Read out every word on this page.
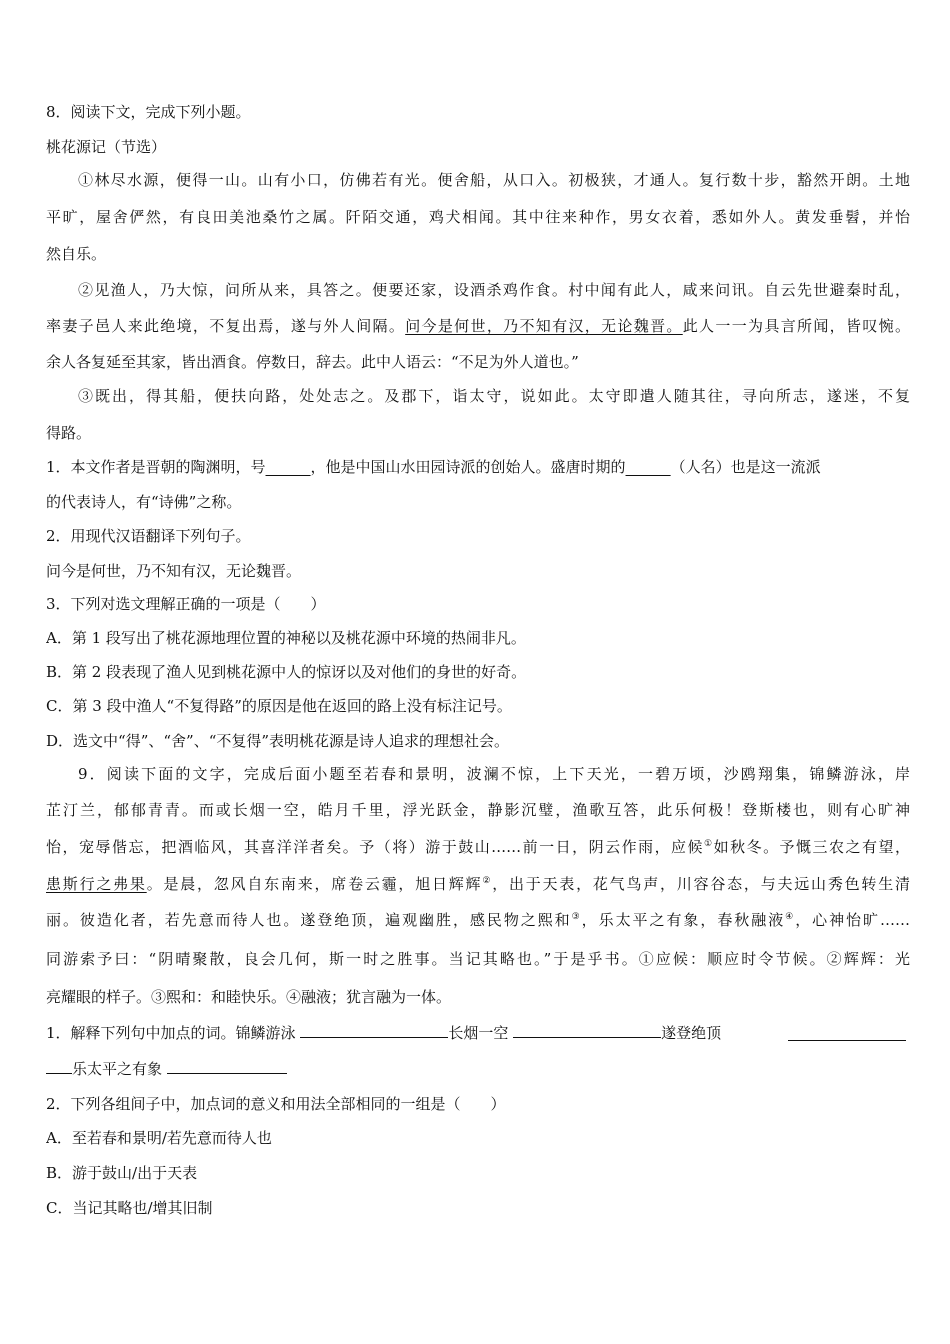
8．阅读下文，完成下列小题。
桃花源记（节选）
①林尽水源，便得一山。山有小口，仿佛若有光。便舍船，从口入。初极狭，才通人。复行数十步，豁然开朗。土地
平旷，屋舍俨然，有良田美池桑竹之属。阡陌交通，鸡犬相闻。其中往来种作，男女衣着，悉如外人。黄发垂髫，并怡
然自乐。
②见渔人，乃大惊，问所从来，具答之。便要还家，设酒杀鸡作食。村中闻有此人，咸来问讯。自云先世避秦时乱，
率妻子邑人来此绝境，不复出焉，遂与外人间隔。问今是何世，乃不知有汉，无论魏晋。此人一一为具言所闻，皆叹惋。
余人各复延至其家，皆出酒食。停数日，辞去。此中人语云：“不足为外人道也。”
③既出，得其船，便扶向路，处处志之。及郡下，诣太守，说如此。太守即遣人随其往，寻向所志，遂迷，不复
得路。
1．本文作者是晋朝的陶渊明，号______，他是中国山水田园诗派的创始人。盛唐时期的______（人名）也是这一流派
的代表诗人，有“诗佛”之称。
2．用现代汉语翻译下列句子。
问今是何世，乃不知有汉，无论魏晋。
3．下列对选文理解正确的一项是（　　）
A．第 1 段写出了桃花源地理位置的神秘以及桃花源中环境的热闹非凡。
B．第 2 段表现了渔人见到桃花源中人的惊讶以及对他们的身世的好奇。
C．第 3 段中渔人“不复得路”的原因是他在返回的路上没有标注记号。
D．选文中“得”、“舍”、“不复得”表明桃花源是诗人追求的理想社会。
9．阅读下面的文字，完成后面小题至若春和景明，波澜不惊，上下天光，一碧万顷，沙鸥翔集，锦鳞游泳，岸
芷汀兰，郁郁青青。而或长烟一空，皓月千里，浮光跃金，静影沉璧，渔歌互答，此乐何极！登斯楼也，则有心旷神
怡，宠辱偕忘，把酒临风，其喜洋洋者矣。予（将）游于鼓山……前一日，阴云作雨，应候①如秋冬。予慨三农之有望，
患斯行之弗果。是晨，忽风自东南来，席卷云霾，旭日辉辉②，出于天表，花气鸟声，川容谷态，与夫远山秀色转生清
丽。彼造化者，若先意而待人也。遂登绝顶，遍观幽胜，感民物之熙和③，乐太平之有象，春秋融液④，心神怡旷……
同游索予曰：“阴晴聚散，良会几何，斯一时之胜事。当记其略也。”于是乎书。①应候：顺应时令节候。②辉辉：光
亮耀眼的样子。③熙和：和睦快乐。④融液；犹言融为一体。
1．解释下列句中加点的词。锦鳞游泳	长烟一空	遂登绝顶
乐太平之有象
2．下列各组间子中，加点词的意义和用法全部相同的一组是（　　）
A．至若春和景明/若先意而待人也
B．游于鼓山/出于天表
C．当记其略也/增其旧制
